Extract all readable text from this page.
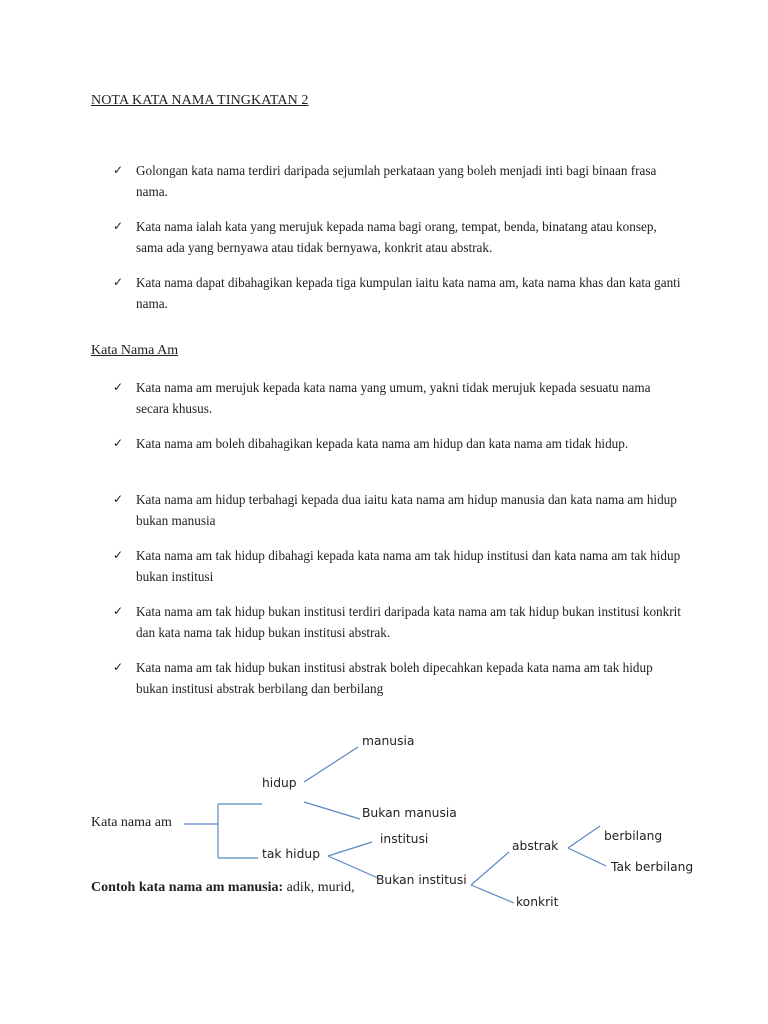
NOTA KATA NAMA TINGKATAN 2
✓ Golongan kata nama terdiri daripada sejumlah perkataan yang boleh menjadi inti bagi binaan frasa nama.
✓ Kata nama ialah kata yang merujuk kepada nama bagi orang, tempat, benda, binatang atau konsep, sama ada yang bernyawa atau tidak bernyawa, konkrit atau abstrak.
✓ Kata nama dapat dibahagikan kepada tiga kumpulan iaitu kata nama am, kata nama khas dan kata ganti nama.
Kata Nama Am
✓ Kata nama am merujuk kepada kata nama yang umum, yakni tidak merujuk kepada sesuatu nama secara khusus.
✓ Kata nama am boleh dibahagikan kepada kata nama am hidup dan kata nama am tidak hidup.
✓ Kata nama am hidup terbahagi kepada dua iaitu kata nama am hidup manusia dan kata nama am hidup bukan manusia
✓ Kata nama am tak hidup dibahagi kepada kata nama am tak hidup institusi dan kata nama am tak hidup bukan institusi
✓ Kata nama am tak hidup bukan institusi terdiri daripada kata nama am tak hidup bukan institusi konkrit dan kata nama tak hidup bukan institusi abstrak.
✓ Kata nama am tak hidup bukan institusi abstrak boleh dipecahkan kepada kata nama am tak hidup bukan institusi abstrak berbilang dan berbilang
Kata nama am
hidup
manusia
Bukan manusia
tak hidup
institusi
Bukan institusi
abstrak
konkrit
berbilang
Tak berbilang
Contoh kata nama am manusia: adik, murid,
